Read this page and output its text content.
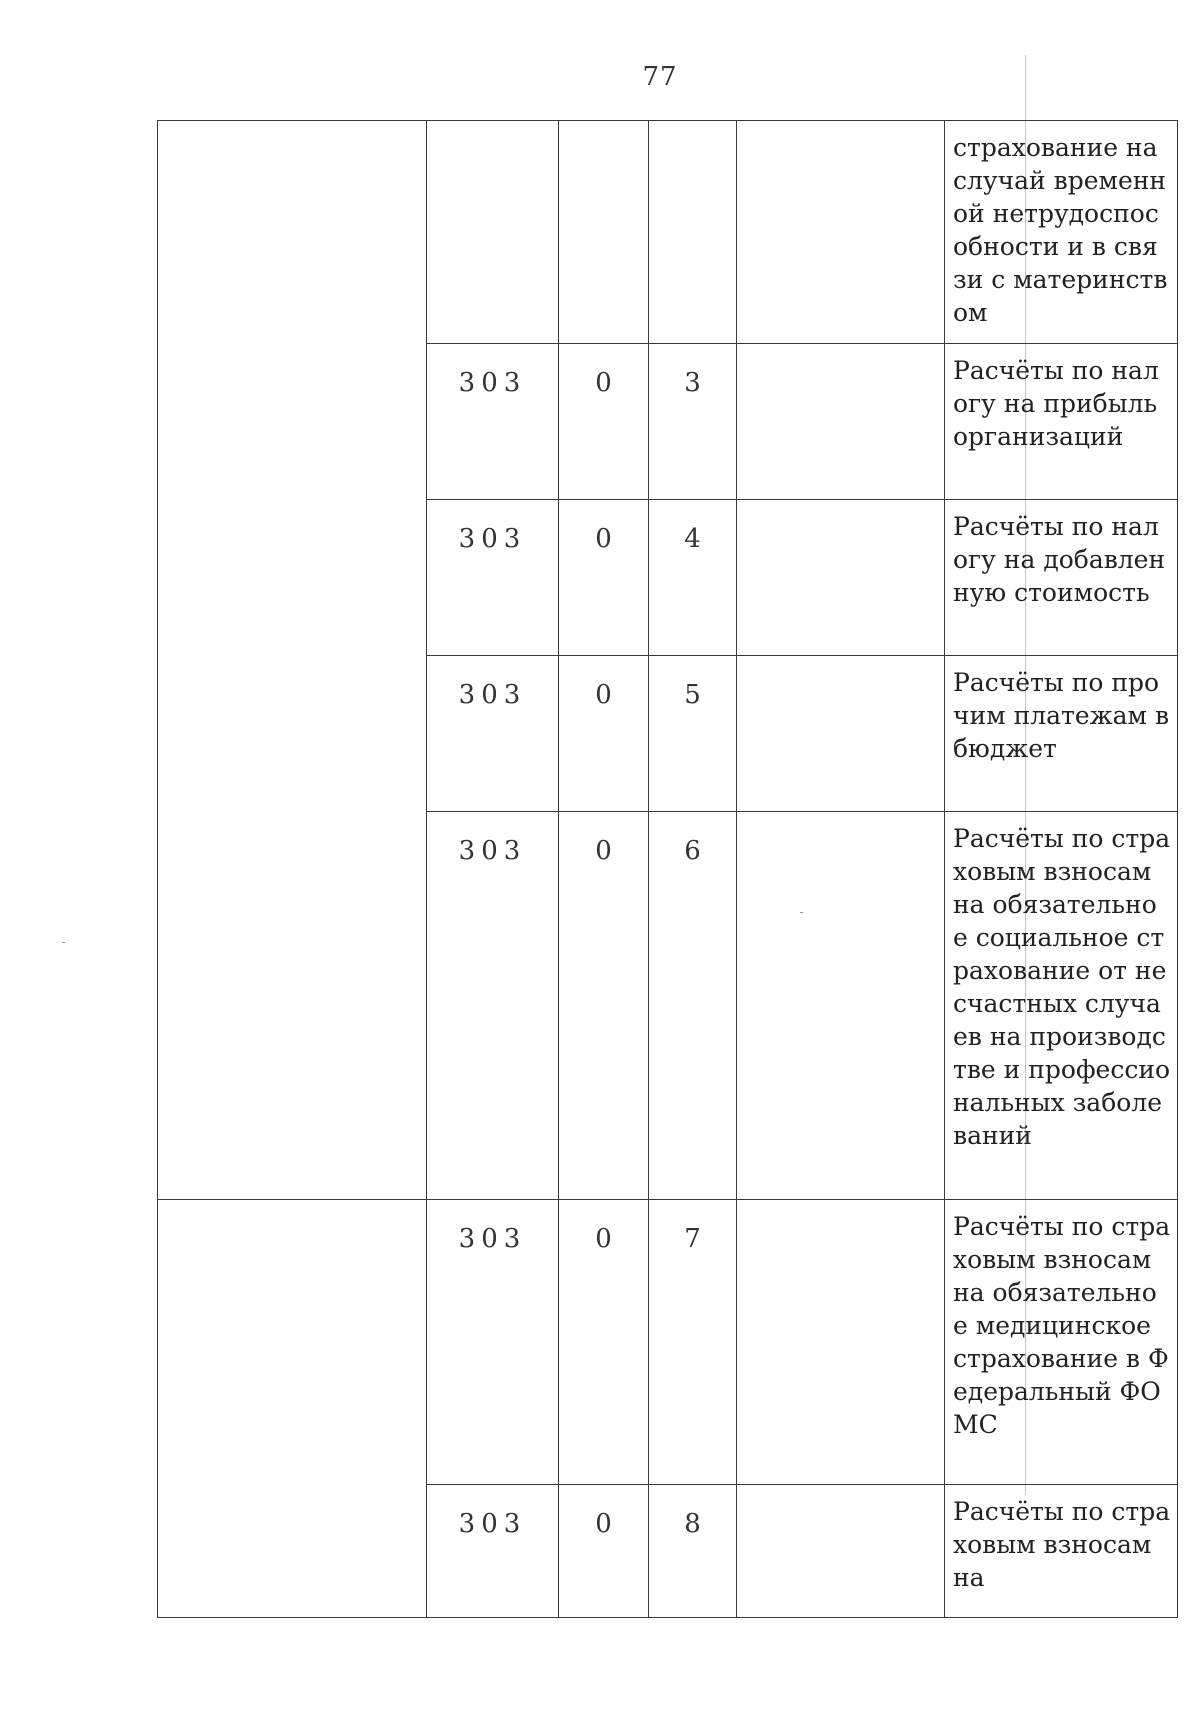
77
					страхование на случай временной нетрудоспособности и в связи с материнством
	303	0	3		Расчёты по налогу на прибыль организаций
	303	0	4		Расчёты по налогу на добавленную стоимость
	303	0	5		Расчёты по прочим платежам в бюджет
	303	0	6		Расчёты по страховым взносам на обязательное социальное страхование от несчастных случаев на производстве и профессиональных заболеваний
	303	0	7		Расчёты по страховым взносам на обязательное медицинское страхование в Федеральный ФОМС
	303	0	8		Расчёты по страховым взносам на
